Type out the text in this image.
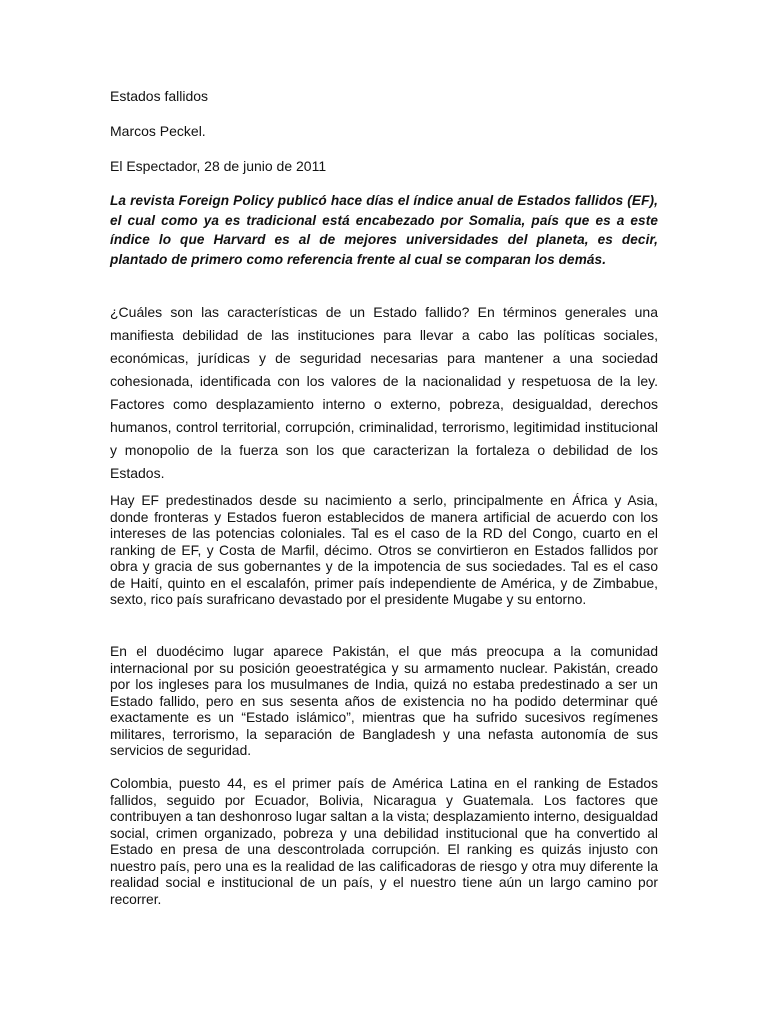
Estados fallidos

Marcos Peckel.

El Espectador, 28 de junio de 2011

La revista Foreign Policy publicó hace días el índice anual de Estados fallidos (EF), el cual como ya es tradicional está encabezado por Somalia, país que es a este índice lo que Harvard es al de mejores universidades del planeta, es decir, plantado de primero como referencia frente al cual se comparan los demás.

¿Cuáles son las características de un Estado fallido? En términos generales una manifiesta debilidad de las instituciones para llevar a cabo las políticas sociales, económicas, jurídicas y de seguridad necesarias para mantener a una sociedad cohesionada, identificada con los valores de la nacionalidad y respetuosa de la ley. Factores como desplazamiento interno o externo, pobreza, desigualdad, derechos humanos, control territorial, corrupción, criminalidad, terrorismo, legitimidad institucional y monopolio de la fuerza son los que caracterizan la fortaleza o debilidad de los Estados.

Hay EF predestinados desde su nacimiento a serlo, principalmente en África y Asia, donde fronteras y Estados fueron establecidos de manera artificial de acuerdo con los intereses de las potencias coloniales. Tal es el caso de la RD del Congo, cuarto en el ranking de EF, y Costa de Marfil, décimo. Otros se convirtieron en Estados fallidos por obra y gracia de sus gobernantes y de la impotencia de sus sociedades. Tal es el caso de Haití, quinto en el escalafón, primer país independiente de América, y de Zimbabue, sexto, rico país surafricano devastado por el presidente Mugabe y su entorno.

En el duodécimo lugar aparece Pakistán, el que más preocupa a la comunidad internacional por su posición geoestratégica y su armamento nuclear. Pakistán, creado por los ingleses para los musulmanes de India, quizá no estaba predestinado a ser un Estado fallido, pero en sus sesenta años de existencia no ha podido determinar qué exactamente es un “Estado islámico”, mientras que ha sufrido sucesivos regímenes militares, terrorismo, la separación de Bangladesh y una nefasta autonomía de sus servicios de seguridad.

Colombia, puesto 44, es el primer país de América Latina en el ranking de Estados fallidos, seguido por Ecuador, Bolivia, Nicaragua y Guatemala. Los factores que contribuyen a tan deshonroso lugar saltan a la vista; desplazamiento interno, desigualdad social, crimen organizado, pobreza y una debilidad institucional que ha convertido al Estado en presa de una descontrolada corrupción. El ranking es quizás injusto con nuestro país, pero una es la realidad de las calificadoras de riesgo y otra muy diferente la realidad social e institucional de un país, y el nuestro tiene aún un largo camino por recorrer.
